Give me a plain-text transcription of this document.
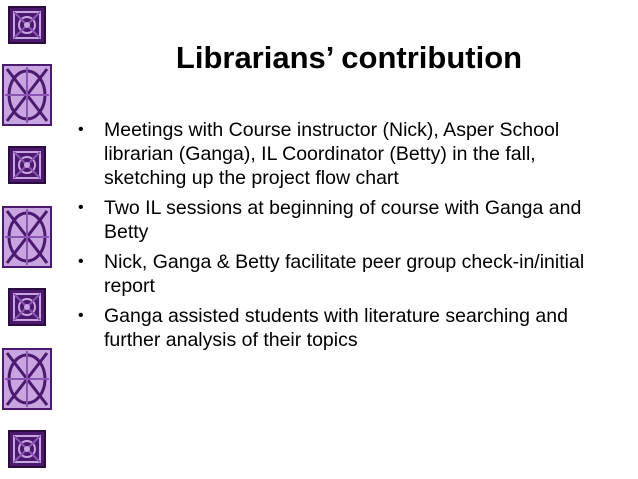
Librarians’ contribution
• Meetings with Course instructor (Nick), Asper School librarian (Ganga), IL Coordinator (Betty) in the fall, sketching up the project flow chart
• Two IL sessions at beginning of course with Ganga and Betty
• Nick, Ganga & Betty facilitate peer group check-in/initial report
• Ganga assisted students with literature searching and further analysis of their topics
